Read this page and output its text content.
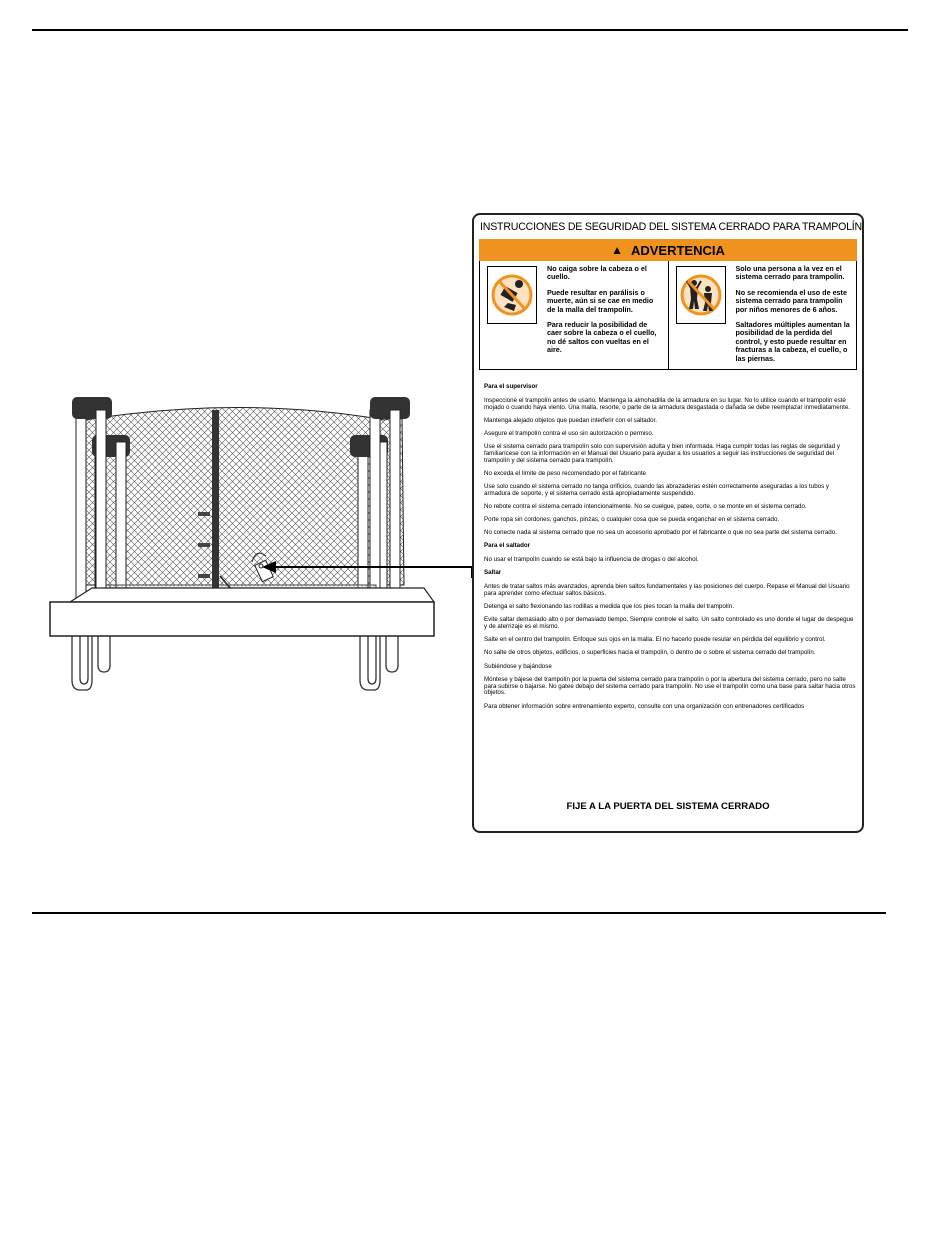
INSTRUCCIONES DE SEGURIDAD DEL SISTEMA CERRADO PARA TRAMPOLÍN
▲ ADVERTENCIA

No caiga sobre la cabeza o el cuello.

Puede resultar en parálisis o muerte, aún si se cae en medio de la malla del trampolín.

Para reducir la posibilidad de caer sobre la cabeza o el cuello, no dé saltos con vueltas en el aire.

Solo una persona a la vez en el sistema cerrado para trampolín.

No se recomienda el uso de este sistema cerrado para trampolín por niños menores de 6 años.

Saltadores múltiples aumentan la posibilidad de la perdida del control, y esto puede resultar en fracturas a la cabeza, el cuello, o las piernas.

Para el supervisor

Inspeccione el trampolín antes de usarlo. Mantenga la almohadilla de la armadura en su lugar. No lo utilice cuando el trampolín esté mojado o cuando haya viento. Una malla, resorte, o parte de la armadura desgastada o dañada se debe reemplazar inmediatamente.

Mantenga alejado objetos que puedan interferir con el saltador.

Asegure el trampolín contra el uso sin autorización o permiso.

Use el sistema cerrado para trampolín solo con supervisión adulta y bien informada. Haga cumplir todas las reglas de seguridad y familiarícese con la información en el Manual del Usuario para ayudar a los usuarios a seguir las instrucciones de seguridad del trampolín y del sistema cerrado para trampolín.

No exceda el límite de peso recomendado por el fabricante

Use solo cuando el sistema cerrado no tanga orificios, cuando las abrazaderas estén correctamente aseguradas a los tubos y armadura de soporte, y el sistema cerrado está apropiadamente suspendido.

No rebote contra el sistema cerrado intencionalmente. No se cuelgue, patee, corte, o se monte en el sistema cerrado.

Porte ropa sin cordones, ganchos, pinzas, o cualquier cosa que se pueda enganchar en el sistema cerrado.

No conecte nada al sistema cerrado que no sea un accesorio aprobado por el fabricante o que no sea parte del sistema cerrado.

Para el saltador

No usar el trampolín cuando se está bajo la influencia de drogas o del alcohol.

Saltar

Antes de tratar saltos más avanzados, aprenda bien saltos fundamentales y las posiciones del cuerpo. Repase el Manual del Usuario para aprender como efectuar saltos básicos.

Detenga el salto flexionando las rodillas a medida que los pies tocan la malla del trampolín.

Evite saltar demasiado alto o por demasiado tiempo, Siempre controle el salto. Un salto controlado es uno donde el lugar de despegue y de aterrizaje es el mismo.

Salte en el centro del trampolín. Enfoque sus ojos en la malla. El no hacerlo puede resular en pérdida del equilibrio y control.

No salte de otros objetos, edificios, o superficies hacia el trampolín, o dentro de o sobre el sistema cerrado del trampolín.

Subiéndose y bajándose

Móntese y bájese del trampolín por la puerta del sistema cerrado para trampolín o por la abertura del sistema cerrado, pero no salte para subirse o bajarse. No gatee debajo del sistema cerrado para trampolín. No use el trampolín como una base para saltar hacia otros objetos.

Para obtener información sobre entrenamiento experto, consulte con una organización con entrenadores certificados

FIJE A LA PUERTA DEL SISTEMA CERRADO
